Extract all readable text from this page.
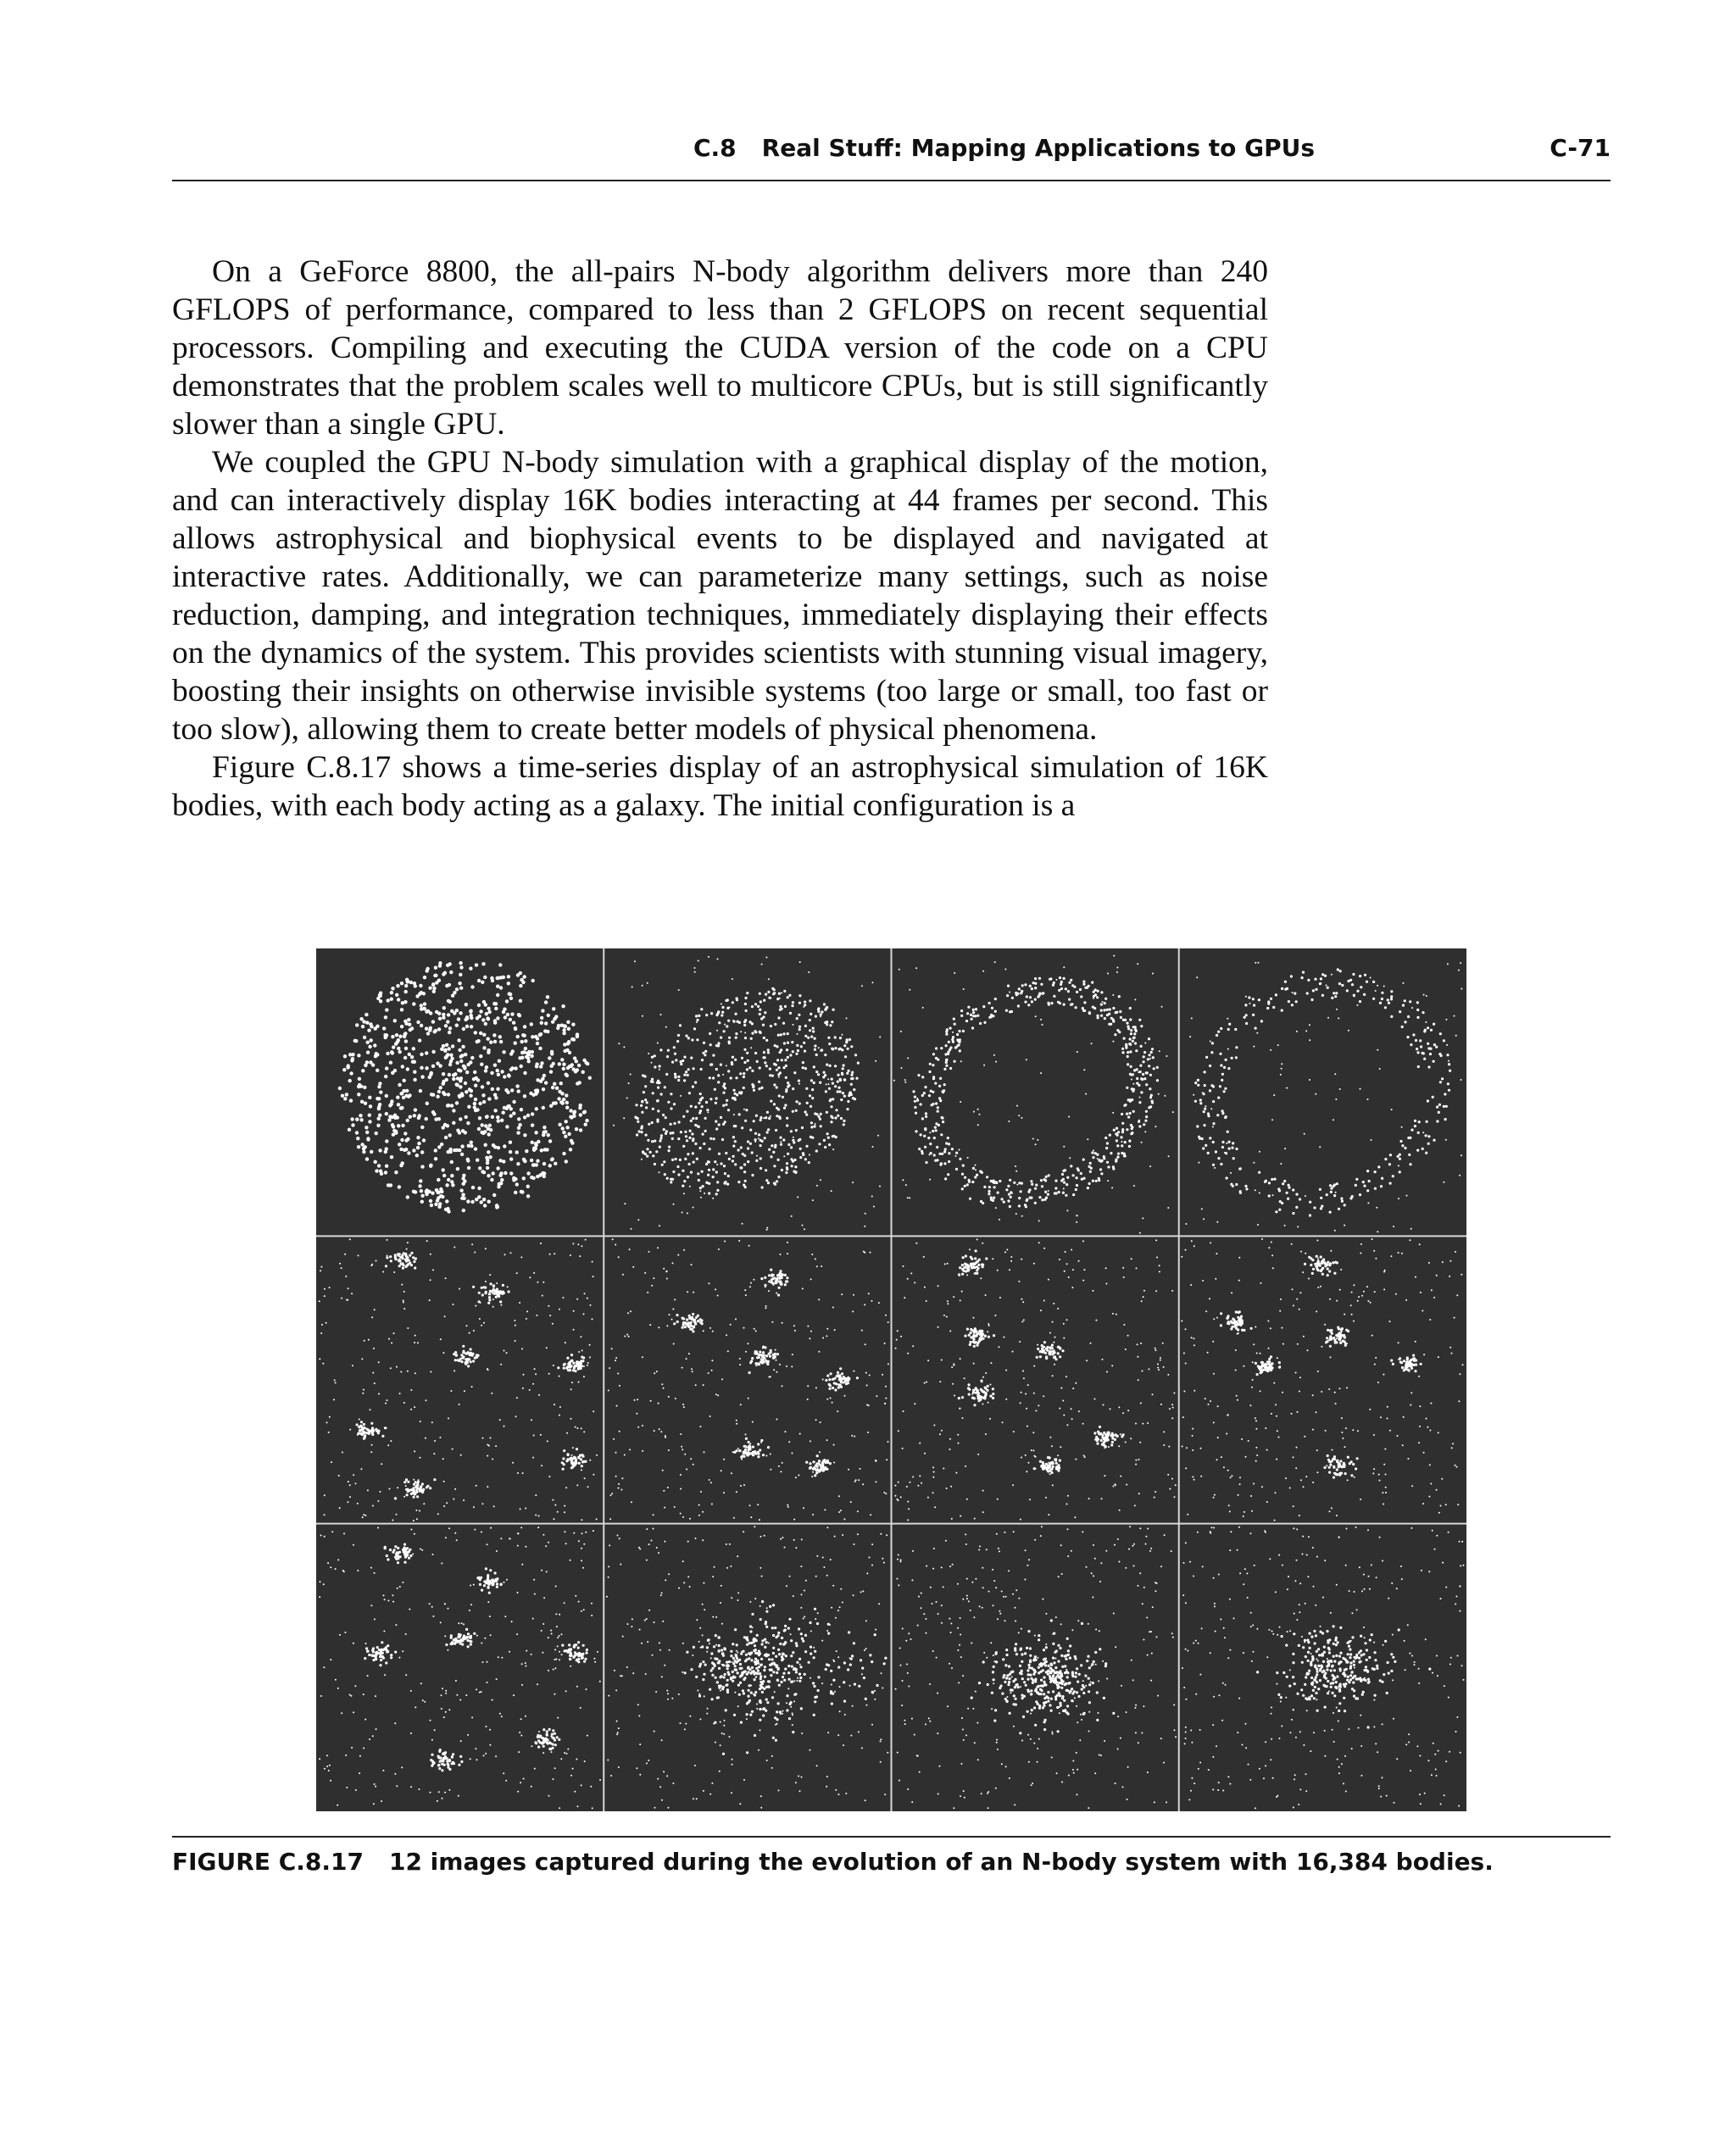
C.8 Real Stuff: Mapping Applications to GPUs	C-71

On a GeForce 8800, the all-pairs N-body algorithm delivers more than 240 GFLOPS of performance, compared to less than 2 GFLOPS on recent sequential processors. Compiling and executing the CUDA version of the code on a CPU demonstrates that the problem scales well to multicore CPUs, but is still significantly slower than a single GPU.

We coupled the GPU N-body simulation with a graphical display of the motion, and can interactively display 16K bodies interacting at 44 frames per second. This allows astrophysical and biophysical events to be displayed and navigated at interactive rates. Additionally, we can parameterize many settings, such as noise reduction, damping, and integration techniques, immediately displaying their effects on the dynamics of the system. This provides scientists with stunning visual imagery, boosting their insights on otherwise invisible systems (too large or small, too fast or too slow), allowing them to create better models of physical phenomena.

Figure C.8.17 shows a time-series display of an astrophysical simulation of 16K bodies, with each body acting as a galaxy. The initial configuration is a

FIGURE C.8.17 12 images captured during the evolution of an N-body system with 16,384 bodies.
